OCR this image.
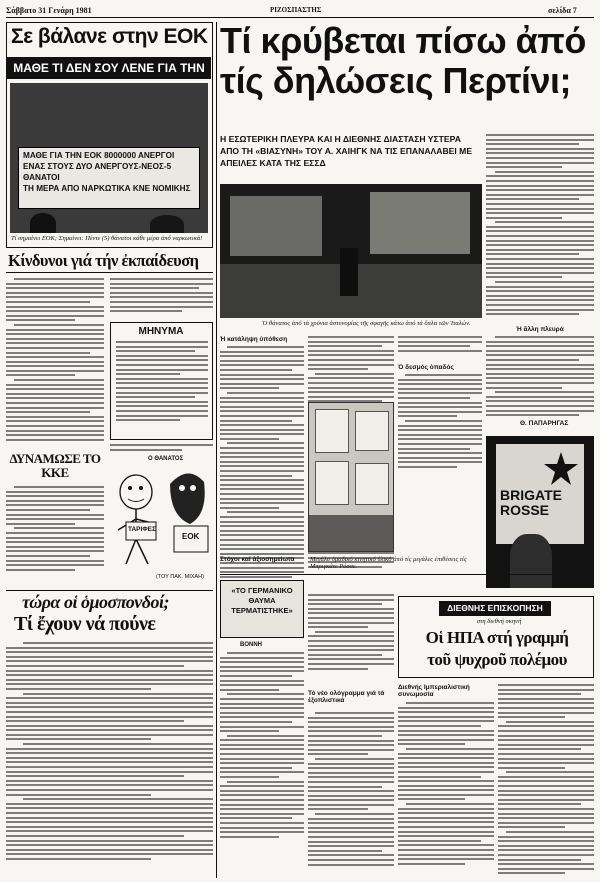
Σάββατο 31 Γενάρη 1981	ΡΙΖΟΣΠΑΣΤΗΣ	σελίδα 7
Σε βάλανε στην ΕΟΚ
ΜΑΘΕ ΤΙ ΔΕΝ ΣΟΥ ΛΕΝΕ ΓΙΑ ΤΗΝ
ΜΑΘΕ ΓΙΑ ΤΗΝ ΕΟΚ 8000000 ΑΝΕΡΓΟΙ
ΕΝΑΣ ΣΤΟΥΣ ΔΥΟ ΑΝΕΡΓΟΥΣ-ΝΕΟΣ-5 ΘΑΝΑΤΟΙ
ΤΗ ΜΕΡΑ ΑΠΟ ΝΑΡΚΩΤΙΚΑ ΚΝΕ ΝΟΜΙΚΗΣ
Τί σημαίνει ΕΟΚ; Σημαίνει: Πέντε (5) θάνατοι κάθε μέρα ἀπό ναρκωτικά!
Κίνδυνοι γιά τήν ἐκπαίδευση
ΜΗΝΥΜΑ
ΔΥΝΑΜΩΣΕ ΤΟ ΚΚΕ
Ο ΘΑΝΑΤΟΣ
ΤΑΡΙΦΕΣ
ΕΟΚ
(ΤΟΥ ΠΑΚ. ΜΙΧΑΗ)
τώρα οἱ ὁμοσπονδοί;
Τί ἔχουν νά πούνε
Τί κρύβεται πίσω ἀπό
τίς δηλώσεις Περτίνι;
Η ΕΣΩΤΕΡΙΚΗ ΠΛΕΥΡΑ ΚΑΙ Η ΔΙΕΘΝΗΣ ΔΙΑΣΤΑΣΗ ΥΣΤΕΡΑ ΑΠΟ ΤΗ «ΒΙΑΣΥΝΗ» ΤΟΥ Α. ΧΑΙΗΓΚ ΝΑ ΤΙΣ ΕΠΑΝΑΛΑΒΕΙ ΜΕ ΑΠΕΙΛΕΣ ΚΑΤΑ ΤΗΣ ΕΣΣΔ
Ὁ θάνατος ἀπό τά χρόνια ἀστυνομίας τῆς σφαγῆς κάτω ἀπό τά ὅπλα τῶν Ἰταλών.
Ἡ κατάληψη ὑπόθεση
Ὁ δεσμός ὁπαδός
Μεγάλο ὁμαδικό κινητικό ὑλικό ἀπό τίς μεγάλες ἐπιθέσεις τίς Μπριγκάτε Ρόσσε.
Στόχοι καί ἀξιοσημείωτα
BRIGATE ROSSE
Ἡ ἄλλη πλευρά
Θ. ΠΑΠΑΡΗΓΑΣ
«ΤΟ ΓΕΡΜΑΝΙΚΟ ΘΑΥΜΑ ΤΕΡΜΑΤΙΣΤΗΚΕ»
ΒΟΝΝΗ
ΔΙΕΘΝΗΣ ΕΠΙΣΚΟΠΗΣΗ
στη διεθνή σκηνή
Οἱ ΗΠΑ στή γραμμή
τοῦ ψυχροῦ πολέμου
Τό νέο ολόγραμμα γιά τά ἐξοπλιστικά
Διεθνής Ιμπεριαλιστική συνωμοσία
